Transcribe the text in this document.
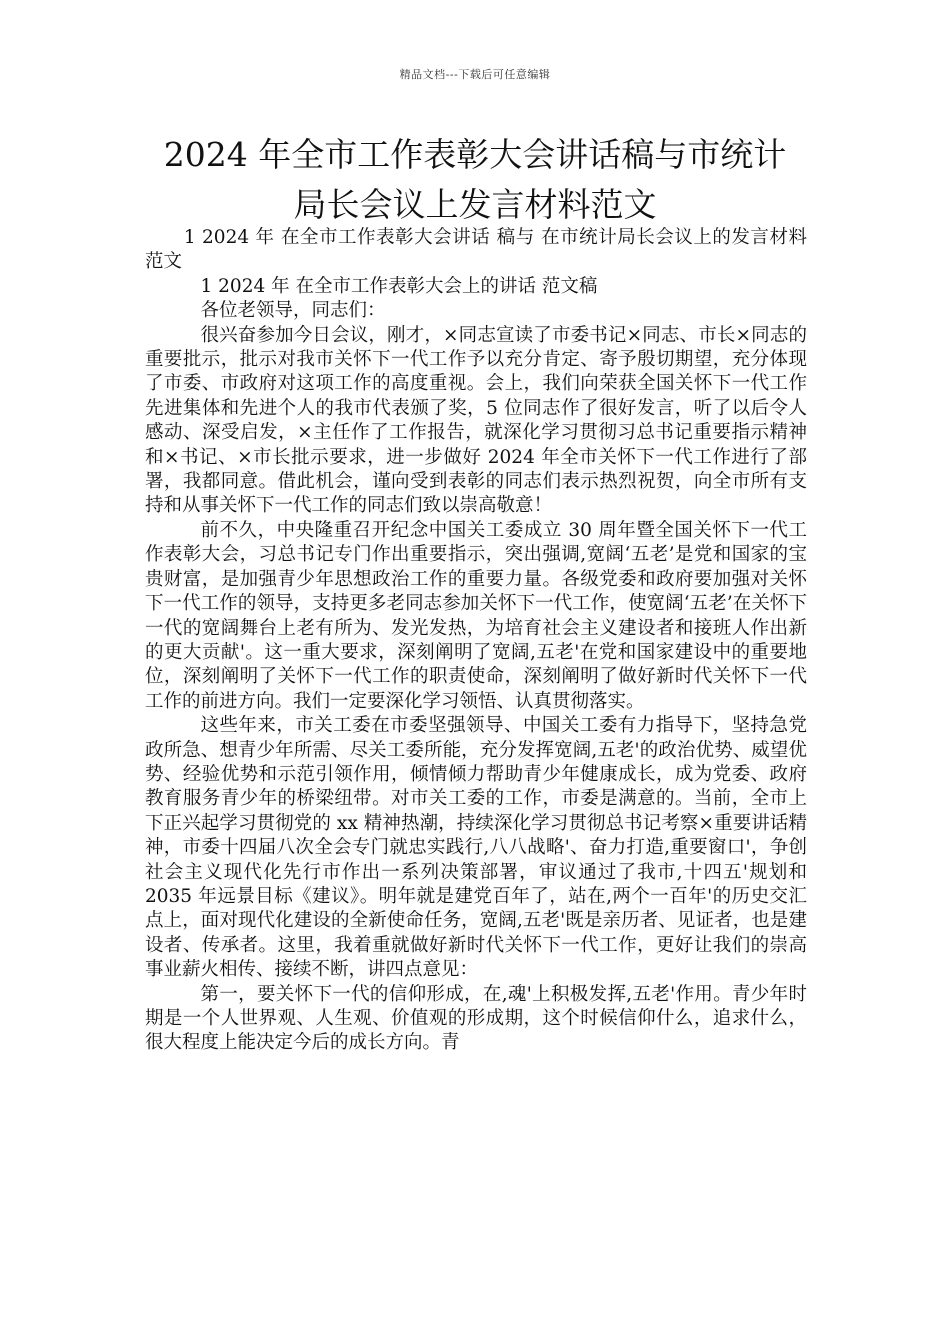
精品文档---下载后可任意编辑
2024 年全市工作表彰大会讲话稿与市统计
局长会议上发言材料范文

1 2024 年 在全市工作表彰大会讲话 稿与 在市统计局长会议上的发言材料 范文

1 2024 年 在全市工作表彰大会上的讲话 范文稿

各位老领导，同志们：

很兴奋参加今日会议，刚才，×同志宣读了市委书记×同志、市长×同志的重要批示，批示对我市关怀下一代工作予以充分肯定、寄予殷切期望，充分体现了市委、市政府对这项工作的高度重视。会上，我们向荣获全国关怀下一代工作先进集体和先进个人的我市代表颁了奖，5 位同志作了很好发言，听了以后令人感动、深受启发，×主任作了工作报告，就深化学习贯彻习总书记重要指示精神和×书记、×市长批示要求，进一步做好 2024 年全市关怀下一代工作进行了部署，我都同意。借此机会，谨向受到表彰的同志们表示热烈祝贺，向全市所有支持和从事关怀下一代工作的同志们致以崇高敬意！

前不久，中央隆重召开纪念中国关工委成立 30 周年暨全国关怀下一代工作表彰大会，习总书记专门作出重要指示，突出强调,宽阔‘五老’是党和国家的宝贵财富，是加强青少年思想政治工作的重要力量。各级党委和政府要加强对关怀下一代工作的领导，支持更多老同志参加关怀下一代工作，使宽阔‘五老’在关怀下一代的宽阔舞台上老有所为、发光发热，为培育社会主义建设者和接班人作出新的更大贡献'。这一重大要求，深刻阐明了宽阔,五老'在党和国家建设中的重要地位，深刻阐明了关怀下一代工作的职责使命，深刻阐明了做好新时代关怀下一代工作的前进方向。我们一定要深化学习领悟、认真贯彻落实。

这些年来，市关工委在市委坚强领导、中国关工委有力指导下，坚持急党政所急、想青少年所需、尽关工委所能，充分发挥宽阔,五老'的政治优势、威望优势、经验优势和示范引领作用，倾情倾力帮助青少年健康成长，成为党委、政府教育服务青少年的桥梁纽带。对市关工委的工作，市委是满意的。当前，全市上下正兴起学习贯彻党的 xx 精神热潮，持续深化学习贯彻总书记考察×重要讲话精神，市委十四届八次全会专门就忠实践行,八八战略'、奋力打造,重要窗口'，争创社会主义现代化先行市作出一系列决策部署，审议通过了我市,十四五'规划和 2035 年远景目标《建议》。明年就是建党百年了，站在,两个一百年'的历史交汇点上，面对现代化建设的全新使命任务，宽阔,五老'既是亲历者、见证者，也是建设者、传承者。这里，我着重就做好新时代关怀下一代工作，更好让我们的崇高事业薪火相传、接续不断，讲四点意见：

第一，要关怀下一代的信仰形成，在,魂'上积极发挥,五老'作用。青少年时期是一个人世界观、人生观、价值观的形成期，这个时候信仰什么，追求什么，很大程度上能决定今后的成长方向。青
